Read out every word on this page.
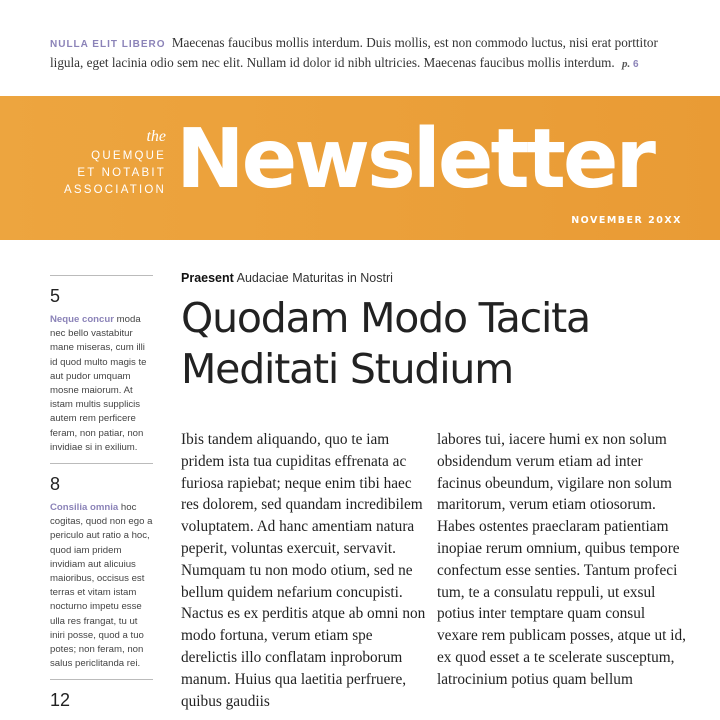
NULLA ELIT LIBERO Maecenas faucibus mollis interdum. Duis mollis, est non commodo luctus, nisi erat porttitor ligula, eget lacinia odio sem nec elit. Nullam id dolor id nibh ultricies. Maecenas faucibus mollis interdum. p. 6
the
QUEMQUE
ET NOTABIT
ASSOCIATION Newsletter
NOVEMBER 20XX
5
Neque concur moda nec bello vastabitur mane miseras, cum illi id quod multo magis te aut pudor umquam mosne maiorum. At istam multis supplicis autem rem perficere feram, non patiar, non invidiae si in exilium.
8
Consilia omnia hoc cogitas, quod non ego a periculo aut ratio a hoc, quod iam pridem invidiam aut alicuius maioribus, occisus est terras et vitam istam nocturno impetu esse ulla res frangat, tu ut iniri posse, quod a tuo potes; non feram, non salus periclitanda rei.
12
Praesent Audaciae Maturitas in Nostri
Quodam Modo Tacita
Meditati Studium
Ibis tandem aliquando, quo te iam pridem ista tua cupiditas effrenata ac furiosa rapiebat; neque enim tibi haec res dolorem, sed quandam incredibilem voluptatem. Ad hanc amentiam natura peperit, voluntas exercuit, servavit. Numquam tu non modo otium, sed ne bellum quidem nefarium concupisti. Nactus es ex perditis atque ab omni non modo fortuna, verum etiam spe derelictis illo conflatam inproborum manum. Huius qua laetitia perfruere, quibus gaudiis
labores tui, iacere humi ex non solum obsidendum verum etiam ad inter facinus obeundum, vigilare non solum maritorum, verum etiam otiosorum. Habes ostentes praeclaram patientiam inopiae rerum omnium, quibus tempore confectum esse senties. Tantum profeci tum, te a consulatu reppuli, ut exsul potius inter temptare quam consul vexare rem publicam posses, atque ut id, ex quod esset a te scelerate susceptum, latrocinium potius quam bellum
